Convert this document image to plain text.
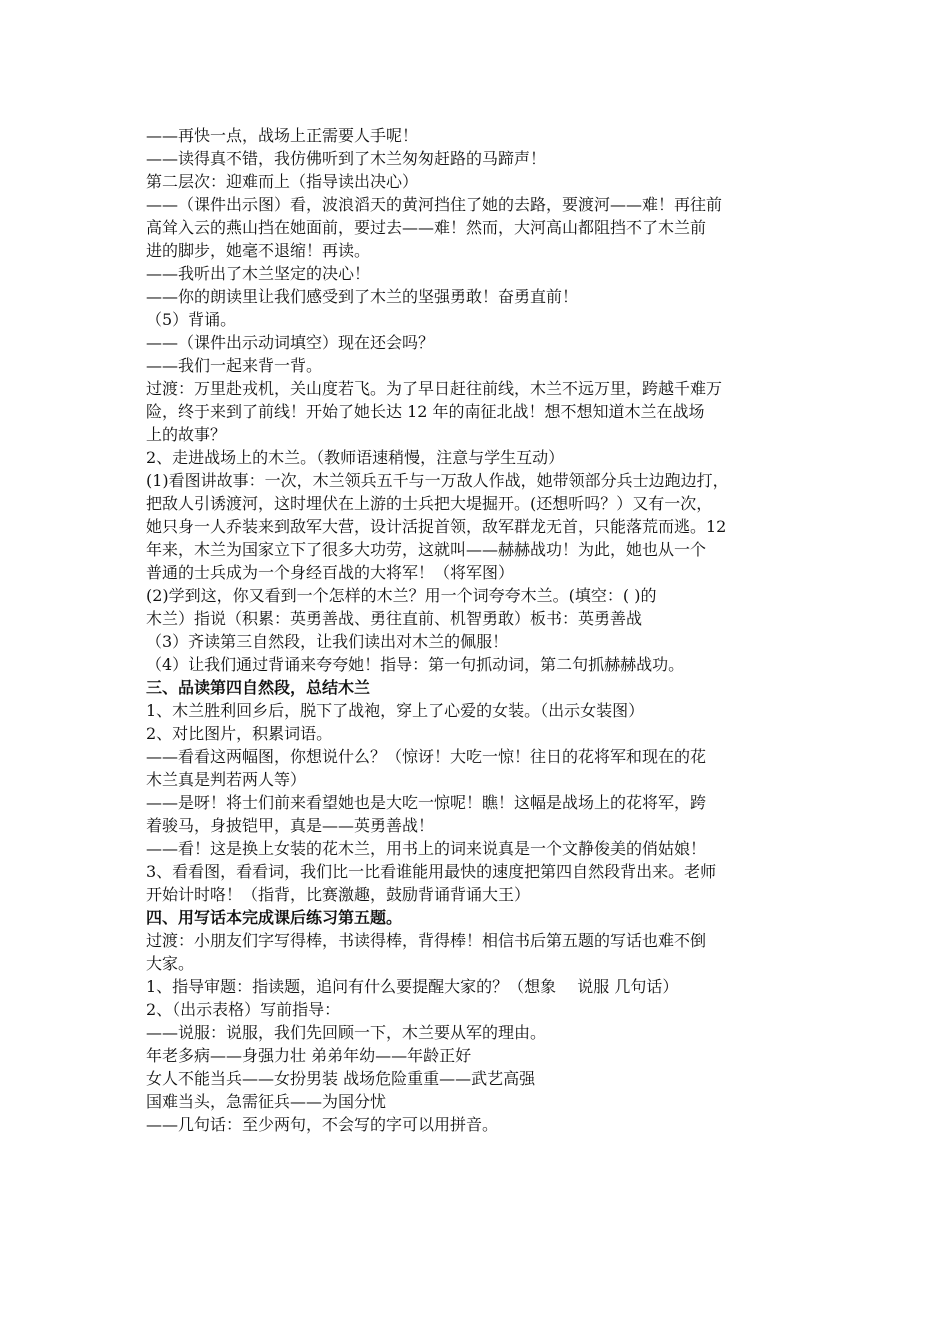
——再快一点，战场上正需要人手呢！
——读得真不错，我仿佛听到了木兰匆匆赶路的马蹄声！
第二层次：迎难而上（指导读出决心）
——（课件出示图）看，波浪滔天的黄河挡住了她的去路，要渡河——难！再往前
高耸入云的燕山挡在她面前，要过去——难！然而，大河高山都阻挡不了木兰前
进的脚步，她毫不退缩！再读。
——我听出了木兰坚定的决心！
——你的朗读里让我们感受到了木兰的坚强勇敢！奋勇直前！
（5）背诵。
——（课件出示动词填空）现在还会吗？
——我们一起来背一背。
过渡：万里赴戎机，关山度若飞。为了早日赶往前线，木兰不远万里，跨越千难万
险，终于来到了前线！开始了她长达 12 年的南征北战！想不想知道木兰在战场
上的故事？
2、走进战场上的木兰。（教师语速稍慢，注意与学生互动）
(1)看图讲故事：一次，木兰领兵五千与一万敌人作战，她带领部分兵士边跑边打，
把敌人引诱渡河，这时埋伏在上游的士兵把大堤掘开。(还想听吗？）又有一次，
她只身一人乔装来到敌军大营，设计活捉首领，敌军群龙无首，只能落荒而逃。12
年来，木兰为国家立下了很多大功劳，这就叫——赫赫战功！为此，她也从一个
普通的士兵成为一个身经百战的大将军！（将军图）
(2)学到这，你又看到一个怎样的木兰？用一个词夸夸木兰。(填空：( )的
木兰）指说（积累：英勇善战、勇往直前、机智勇敢）板书：英勇善战
（3）齐读第三自然段，让我们读出对木兰的佩服！
（4）让我们通过背诵来夸夸她！指导：第一句抓动词，第二句抓赫赫战功。
三、品读第四自然段，总结木兰
1、木兰胜利回乡后，脱下了战袍，穿上了心爱的女装。（出示女装图）
2、对比图片，积累词语。
——看看这两幅图，你想说什么？（惊讶！大吃一惊！往日的花将军和现在的花
木兰真是判若两人等）
——是呀！将士们前来看望她也是大吃一惊呢！瞧！这幅是战场上的花将军，跨
着骏马，身披铠甲，真是——英勇善战！
——看！这是换上女装的花木兰，用书上的词来说真是一个文静俊美的俏姑娘！
3、看看图，看看词，我们比一比看谁能用最快的速度把第四自然段背出来。老师
开始计时咯！（指背，比赛激趣，鼓励背诵背诵大王）
四、用写话本完成课后练习第五题。
过渡：小朋友们字写得棒，书读得棒，背得棒！相信书后第五题的写话也难不倒
大家。
1、指导审题：指读题，追问有什么要提醒大家的？（想象　 说服 几句话）
2、（出示表格）写前指导：
——说服：说服，我们先回顾一下，木兰要从军的理由。
年老多病——身强力壮 弟弟年幼——年龄正好
女人不能当兵——女扮男装 战场危险重重——武艺高强
国难当头，急需征兵——为国分忧
——几句话：至少两句，不会写的字可以用拼音。
